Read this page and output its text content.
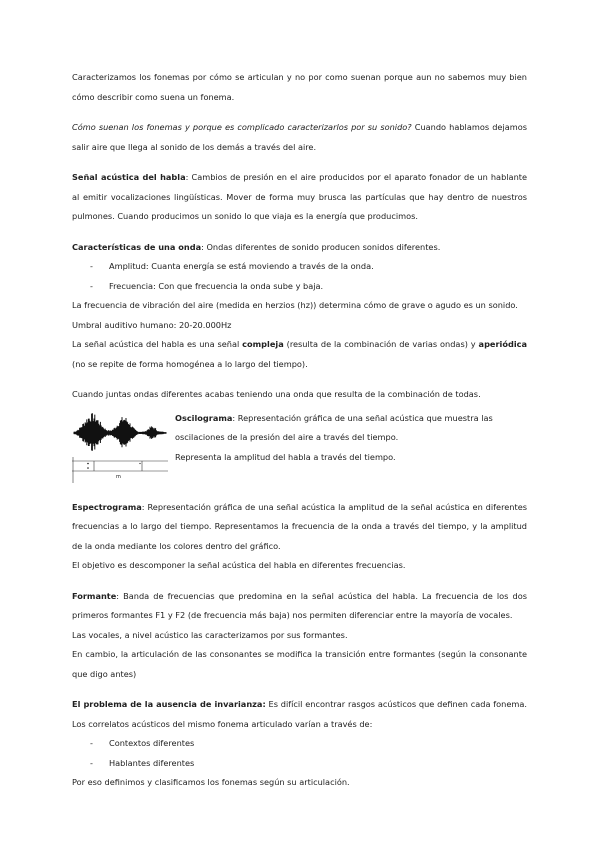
Caracterizamos los fonemas por cómo se articulan y no por como suenan porque aun no sabemos muy bien cómo describir como suena un fonema.

Cómo suenan los fonemas y porque es complicado caracterizarlos por su sonido? Cuando hablamos dejamos salir aire que llega al sonido de los demás a través del aire.

Señal acústica del habla: Cambios de presión en el aire producidos por el aparato fonador de un hablante al emitir vocalizaciones lingüísticas. Mover de forma muy brusca las partículas que hay dentro de nuestros pulmones. Cuando producimos un sonido lo que viaja es la energía que producimos.

Características de una onda: Ondas diferentes de sonido producen sonidos diferentes.

- Amplitud: Cuanta energía se está moviendo a través de la onda.
- Frecuencia: Con que frecuencia la onda sube y baja.

La frecuencia de vibración del aire (medida en herzios (hz)) determina cómo de grave o agudo es un sonido.

Umbral auditivo humano: 20-20.000Hz

La señal acústica del habla es una señal compleja (resulta de la combinación de varias ondas) y aperiódica (no se repite de forma homogénea a lo largo del tiempo).

Cuando juntas ondas diferentes acabas teniendo una onda que resulta de la combinación de todas.

m

Oscilograma: Representación gráfica de una señal acústica que muestra las oscilaciones de la presión del aire a través del tiempo.

Representa la amplitud del habla a través del tiempo.

Espectrograma: Representación gráfica de una señal acústica la amplitud de la señal acústica en diferentes frecuencias a lo largo del tiempo. Representamos la frecuencia de la onda a través del tiempo, y la amplitud de la onda mediante los colores dentro del gráfico.

El objetivo es descomponer la señal acústica del habla en diferentes frecuencias.

Formante: Banda de frecuencias que predomina en la señal acústica del habla. La frecuencia de los dos primeros formantes F1 y F2 (de frecuencia más baja) nos permiten diferenciar entre la mayoría de vocales.

Las vocales, a nivel acústico las caracterizamos por sus formantes.

En cambio, la articulación de las consonantes se modifica la transición entre formantes (según la consonante que digo antes)

El problema de la ausencia de invarianza: Es difícil encontrar rasgos acústicos que definen cada fonema. Los correlatos acústicos del mismo fonema articulado varían a través de:

- Contextos diferentes
- Hablantes diferentes

Por eso definimos y clasificamos los fonemas según su articulación.
